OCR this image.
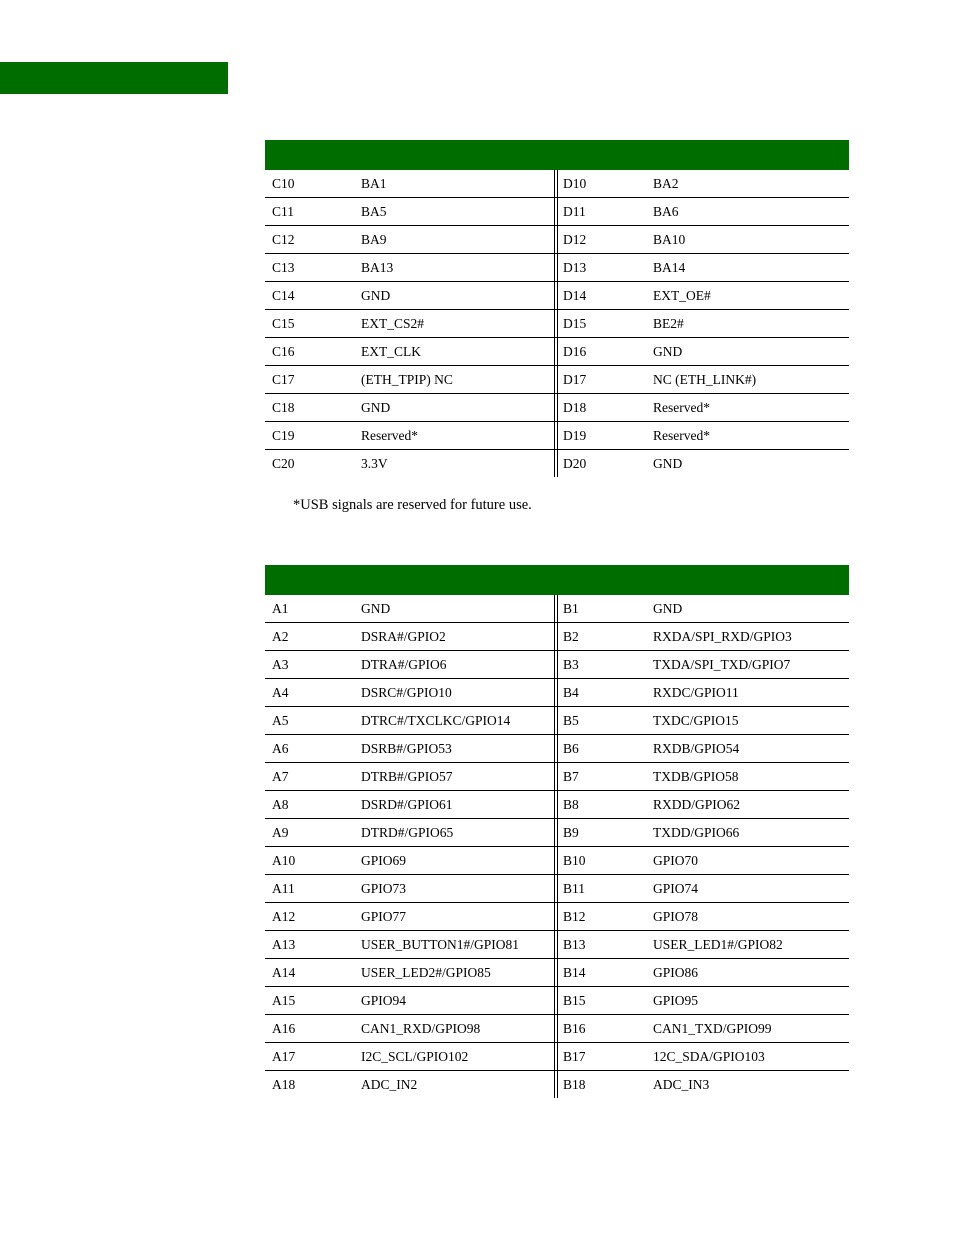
C10	BA1	D10	BA2
C11	BA5	D11	BA6
C12	BA9	D12	BA10
C13	BA13	D13	BA14
C14	GND	D14	EXT_OE#
C15	EXT_CS2#	D15	BE2#
C16	EXT_CLK	D16	GND
C17	(ETH_TPIP) NC	D17	NC (ETH_LINK#)
C18	GND	D18	Reserved*
C19	Reserved*	D19	Reserved*
C20	3.3V	D20	GND
*USB signals are reserved for future use.
A1	GND	B1	GND
A2	DSRA#/GPIO2	B2	RXDA/SPI_RXD/GPIO3
A3	DTRA#/GPIO6	B3	TXDA/SPI_TXD/GPIO7
A4	DSRC#/GPIO10	B4	RXDC/GPIO11
A5	DTRC#/TXCLKC/GPIO14	B5	TXDC/GPIO15
A6	DSRB#/GPIO53	B6	RXDB/GPIO54
A7	DTRB#/GPIO57	B7	TXDB/GPIO58
A8	DSRD#/GPIO61	B8	RXDD/GPIO62
A9	DTRD#/GPIO65	B9	TXDD/GPIO66
A10	GPIO69	B10	GPIO70
A11	GPIO73	B11	GPIO74
A12	GPIO77	B12	GPIO78
A13	USER_BUTTON1#/GPIO81	B13	USER_LED1#/GPIO82
A14	USER_LED2#/GPIO85	B14	GPIO86
A15	GPIO94	B15	GPIO95
A16	CAN1_RXD/GPIO98	B16	CAN1_TXD/GPIO99
A17	I2C_SCL/GPIO102	B17	12C_SDA/GPIO103
A18	ADC_IN2	B18	ADC_IN3
